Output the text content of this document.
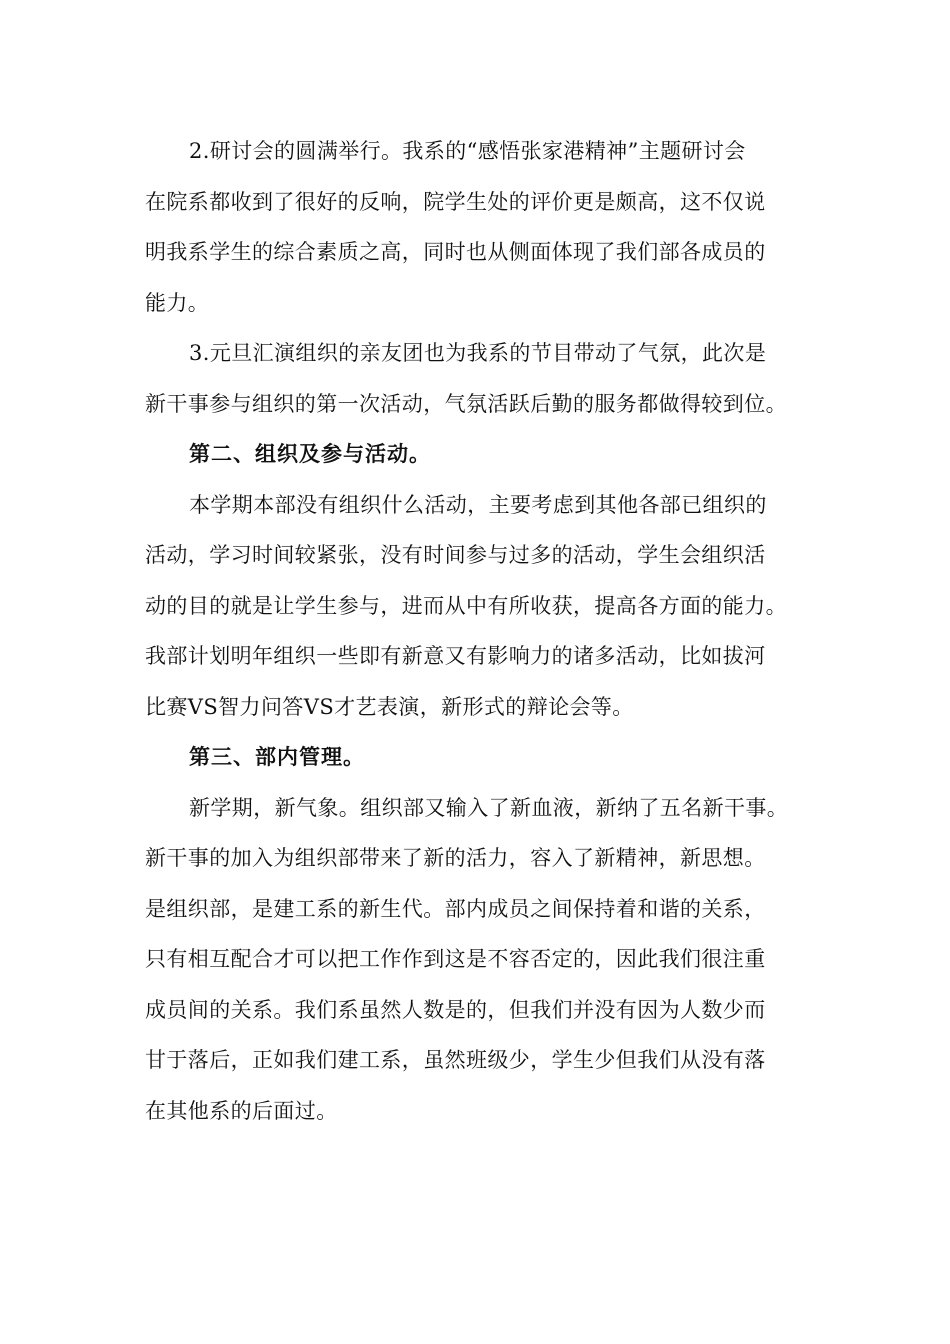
2.研讨会的圆满举行。我系的“感悟张家港精神”主题研讨会
在院系都收到了很好的反响，院学生处的评价更是颇高，这不仅说
明我系学生的综合素质之高，同时也从侧面体现了我们部各成员的
能力。
3.元旦汇演组织的亲友团也为我系的节目带动了气氛，此次是
新干事参与组织的第一次活动，气氛活跃后勤的服务都做得较到位。
第二、组织及参与活动。
本学期本部没有组织什么活动，主要考虑到其他各部已组织的
活动，学习时间较紧张，没有时间参与过多的活动，学生会组织活
动的目的就是让学生参与，进而从中有所收获，提高各方面的能力。
我部计划明年组织一些即有新意又有影响力的诸多活动，比如拔河
比赛VS智力问答VS才艺表演，新形式的辩论会等。
第三、部内管理。
新学期，新气象。组织部又输入了新血液，新纳了五名新干事。
新干事的加入为组织部带来了新的活力，容入了新精神，新思想。
是组织部，是建工系的新生代。部内成员之间保持着和谐的关系，
只有相互配合才可以把工作作到这是不容否定的，因此我们很注重
成员间的关系。我们系虽然人数是的，但我们并没有因为人数少而
甘于落后，正如我们建工系，虽然班级少，学生少但我们从没有落
在其他系的后面过。
